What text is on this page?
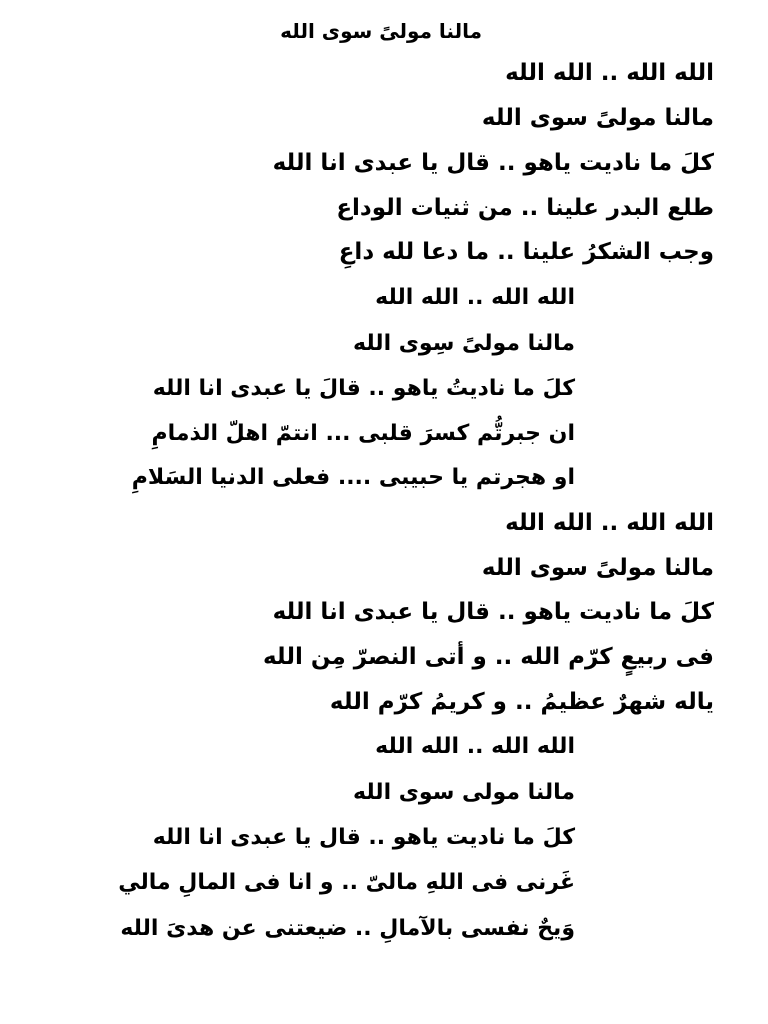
مالنا مولىً سوى الله
الله الله .. الله الله
مالنا مولىً سوى الله
كلَ ما ناديت ياهو .. قال يا عبدى انا الله
طلع البدر علينا .. من ثنيات الوداع
وجب الشكرُ علينا .. ما دعا لله داعِ
الله الله .. الله الله
مالنا مولىً سِوى الله
كلَ ما ناديتُ ياهو .. قالَ يا عبدى انا الله
ان جبرتُّم كسرَ قلبى ... انتمّ اهلّ الذمامِ
او هجرتم يا حبيبى .... فعلى الدنيا السَلامِ
الله الله .. الله الله
مالنا مولىً سوى الله
كلَ ما ناديت ياهو .. قال يا عبدى انا الله
فى ربيعٍ كرّم الله .. و أتى النصرّ مِن الله
ياله شهرٌ عظيمُ .. و كريمُ كرّم الله
الله الله .. الله الله
مالنا مولى سوى الله
كلَ ما ناديت ياهو .. قال يا عبدى انا الله
غَرنى فى اللهِ مالىّ .. و انا فى المالِ مالي
وَيحٌ نفسى بالآمالِ .. ضيعتنى عن هدىَ الله
